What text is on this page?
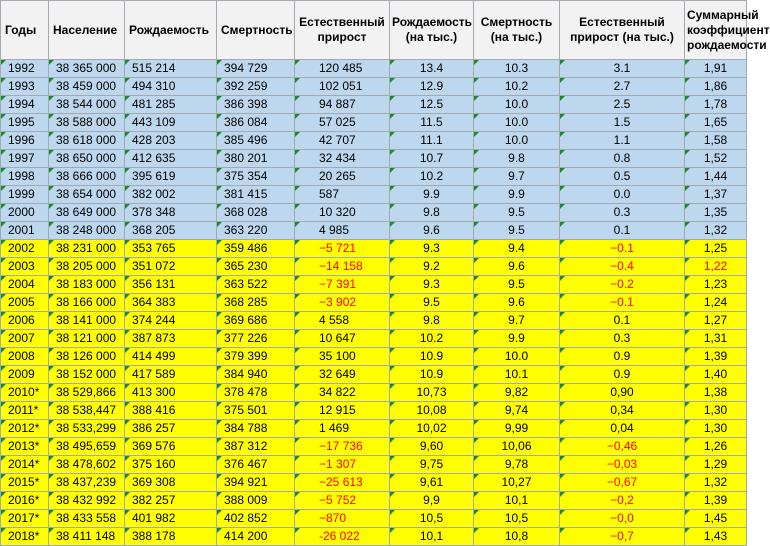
Годы	Население	Рождаемость	Смертность	Естественный прирост	Рождаемость (на тыс.)	Смертность (на тыс.)	Естественный прирост (на тыс.)	Суммарный коэффициент рождаемости
1992	38 365 000	515 214	394 729	120 485	13.4	10.3	3.1	1,91
1993	38 459 000	494 310	392 259	102 051	12.9	10.2	2.7	1,86
1994	38 544 000	481 285	386 398	94 887	12.5	10.0	2.5	1,78
1995	38 588 000	443 109	386 084	57 025	11.5	10.0	1.5	1,65
1996	38 618 000	428 203	385 496	42 707	11.1	10.0	1.1	1,58
1997	38 650 000	412 635	380 201	32 434	10.7	9.8	0.8	1,52
1998	38 666 000	395 619	375 354	20 265	10.2	9.7	0.5	1,44
1999	38 654 000	382 002	381 415	587	9.9	9.9	0.0	1,37
2000	38 649 000	378 348	368 028	10 320	9.8	9.5	0.3	1,35
2001	38 248 000	368 205	363 220	4 985	9.6	9.5	0.1	1,32
2002	38 231 000	353 765	359 486	−5 721	9.3	9.4	−0.1	1,25
2003	38 205 000	351 072	365 230	−14 158	9.2	9.6	−0.4	1,22
2004	38 183 000	356 131	363 522	−7 391	9.3	9.5	−0.2	1,23
2005	38 166 000	364 383	368 285	−3 902	9.5	9.6	−0.1	1,24
2006	38 141 000	374 244	369 686	4 558	9.8	9.7	0.1	1,27
2007	38 121 000	387 873	377 226	10 647	10.2	9.9	0.3	1,31
2008	38 126 000	414 499	379 399	35 100	10.9	10.0	0.9	1,39
2009	38 152 000	417 589	384 940	32 649	10.9	10.1	0.9	1,40
2010*	38 529,866	413 300	378 478	34 822	10,73	9,82	0,90	1,38
2011*	38 538,447	388 416	375 501	12 915	10,08	9,74	0,34	1,30
2012*	38 533,299	386 257	384 788	1 469	10,02	9,99	0,04	1,30
2013*	38 495,659	369 576	387 312	−17 736	9,60	10,06	−0,46	1,26
2014*	38 478,602	375 160	376 467	−1 307	9,75	9,78	−0,03	1,29
2015*	38 437,239	369 308	394 921	−25 613	9,61	10,27	−0,67	1,32
2016*	38 432 992	382 257	388 009	−5 752	9,9	10,1	−0,2	1,39
2017*	38 433 558	401 982	402 852	−870	10,5	10,5	−0,0	1,45
2018*	38 411 148	388 178	414 200	-26 022	10,1	10,8	−0,7	1,43
